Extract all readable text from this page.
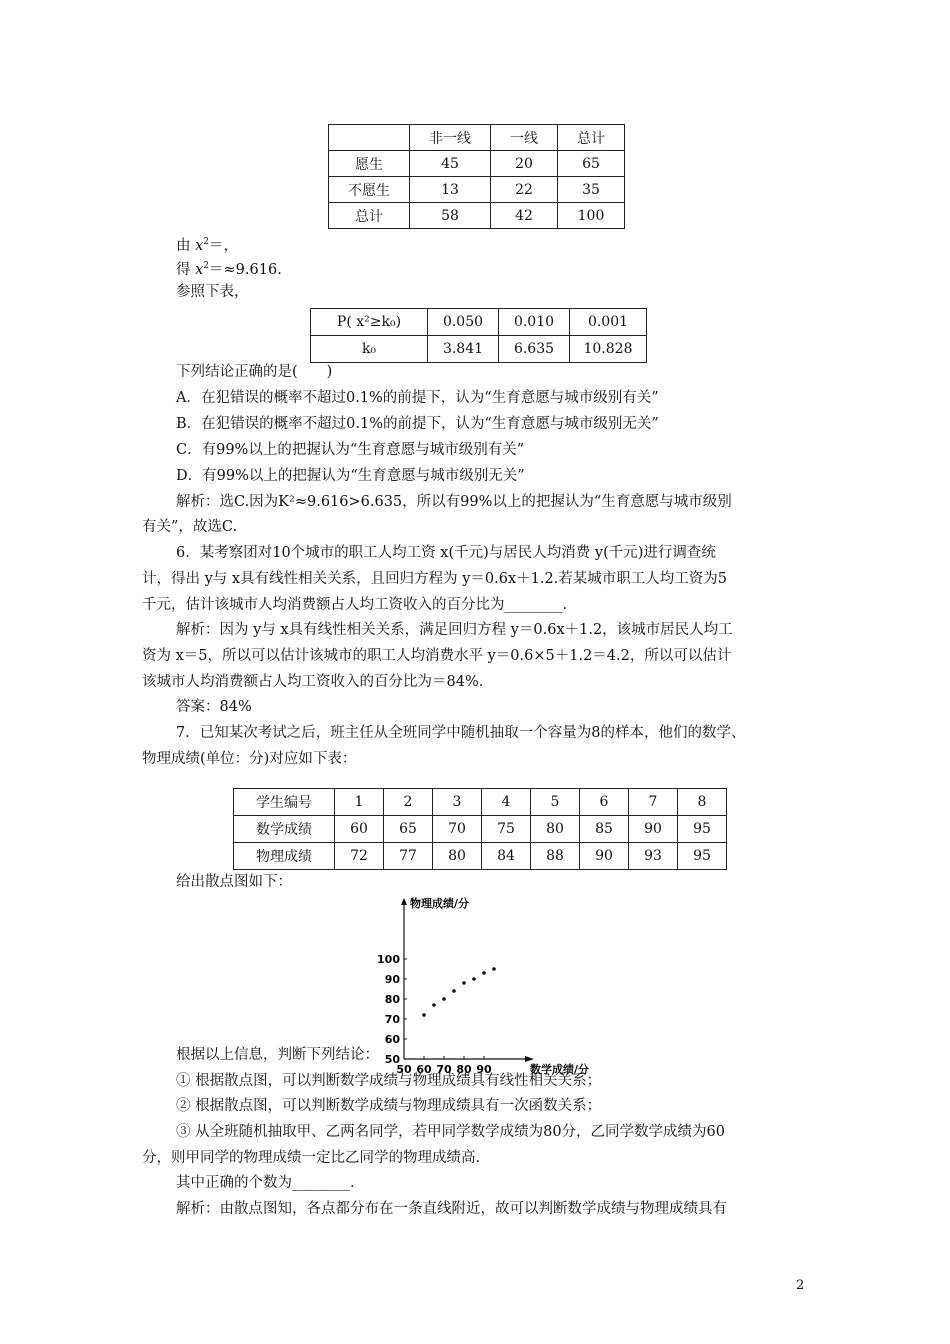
	非一线	一线	总计
愿生	45	20	65
不愿生	13	22	35
总计	58	42	100
由 $x^2=$，
得 $x^2=\approx 9.616$.
参照下表，
P( x²≥k₀)	0.050	0.010	0.001
k₀	3.841	6.635	10.828
下列结论正确的是(　　)
A．在犯错误的概率不超过0.1%的前提下，认为“生育意愿与城市级别有关”
B．在犯错误的概率不超过0.1%的前提下，认为“生育意愿与城市级别无关”
C．有99%以上的把握认为“生育意愿与城市级别有关”
D．有99%以上的把握认为“生育意愿与城市级别无关”
解析：选C.因为K²≈9.616>6.635，所以有99%以上的把握认为“生育意愿与城市级别
有关”，故选C.
6．某考察团对10个城市的职工人均工资 x(千元)与居民人均消费 y(千元)进行调查统
计，得出 y与 x具有线性相关关系，且回归方程为 y＝0.6x＋1.2.若某城市职工人均工资为5
千元，估计该城市人均消费额占人均工资收入的百分比为________.
解析：因为 y与 x具有线性相关关系，满足回归方程 y＝0.6x＋1.2，该城市居民人均工
资为 x＝5，所以可以估计该城市的职工人均消费水平 y＝0.6×5＋1.2＝4.2，所以可以估计
该城市人均消费额占人均工资收入的百分比为＝84%.
答案：84%
7．已知某次考试之后，班主任从全班同学中随机抽取一个容量为8的样本，他们的数学、
物理成绩(单位：分)对应如下表：
学生编号	1	2	3	4	5	6	7	8
数学成绩	60	65	70	75	80	85	90	95
物理成绩	72	77	80	84	88	90	93	95
给出散点图如下：
60
70
80
90
100
50 60 70 80 90
50
物理成绩/分
数学成绩/分
根据以上信息，判断下列结论：
① 根据散点图，可以判断数学成绩与物理成绩具有线性相关关系；
② 根据散点图，可以判断数学成绩与物理成绩具有一次函数关系；
③ 从全班随机抽取甲、乙两名同学，若甲同学数学成绩为80分，乙同学数学成绩为60
分，则甲同学的物理成绩一定比乙同学的物理成绩高.
其中正确的个数为________.
解析：由散点图知，各点都分布在一条直线附近，故可以判断数学成绩与物理成绩具有
2
